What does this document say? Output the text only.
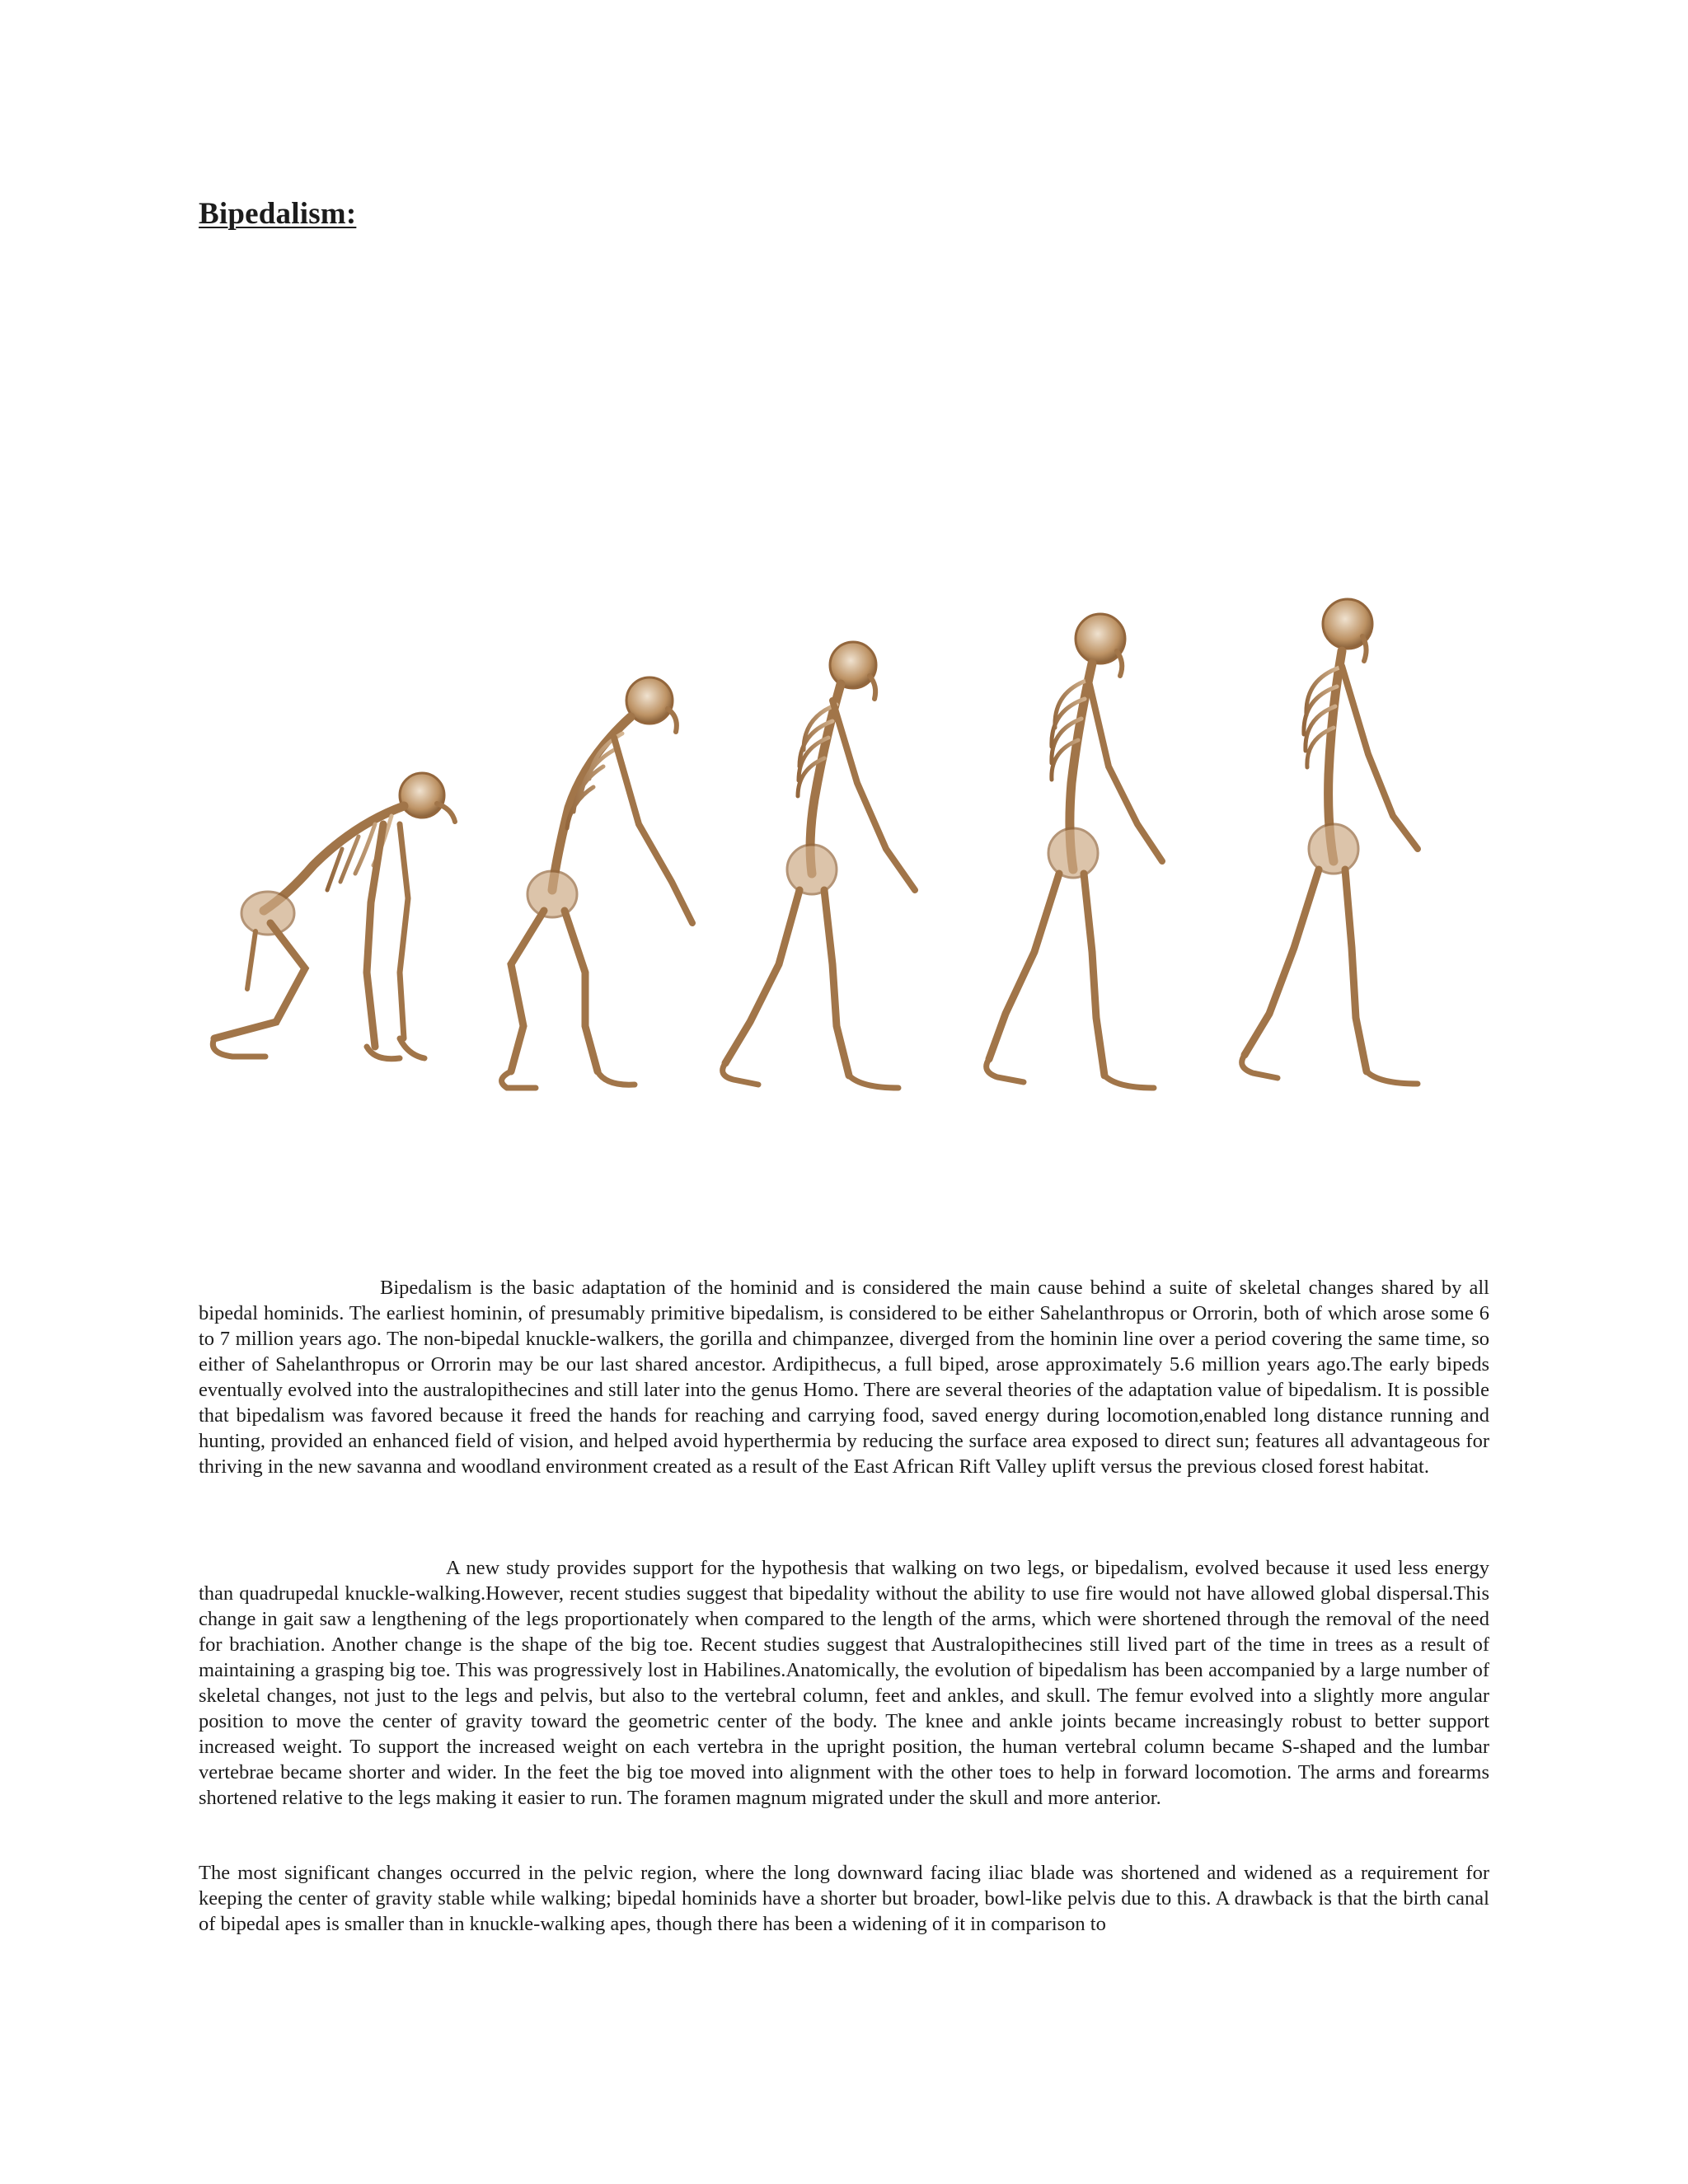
Bipedalism:

Bipedalism is the basic adaptation of the hominid and is considered the main cause behind a suite of skeletal changes shared by all bipedal hominids. The earliest hominin, of presumably primitive bipedalism, is considered to be either Sahelanthropus or Orrorin, both of which arose some 6 to 7 million years ago. The non-bipedal knuckle-walkers, the gorilla and chimpanzee, diverged from the hominin line over a period covering the same time, so either of Sahelanthropus or Orrorin may be our last shared ancestor. Ardipithecus, a full biped, arose approximately 5.6 million years ago.The early bipeds eventually evolved into the australopithecines and still later into the genus Homo. There are several theories of the adaptation value of bipedalism. It is possible that bipedalism was favored because it freed the hands for reaching and carrying food, saved energy during locomotion,enabled long distance running and hunting, provided an enhanced field of vision, and helped avoid hyperthermia by reducing the surface area exposed to direct sun; features all advantageous for thriving in the new savanna and woodland environment created as a result of the East African Rift Valley uplift versus the previous closed forest habitat.

A new study provides support for the hypothesis that walking on two legs, or bipedalism, evolved because it used less energy than quadrupedal knuckle-walking.However, recent studies suggest that bipedality without the ability to use fire would not have allowed global dispersal.This change in gait saw a lengthening of the legs proportionately when compared to the length of the arms, which were shortened through the removal of the need for brachiation. Another change is the shape of the big toe. Recent studies suggest that Australopithecines still lived part of the time in trees as a result of maintaining a grasping big toe. This was progressively lost in Habilines.Anatomically, the evolution of bipedalism has been accompanied by a large number of skeletal changes, not just to the legs and pelvis, but also to the vertebral column, feet and ankles, and skull. The femur evolved into a slightly more angular position to move the center of gravity toward the geometric center of the body. The knee and ankle joints became increasingly robust to better support increased weight. To support the increased weight on each vertebra in the upright position, the human vertebral column became S-shaped and the lumbar vertebrae became shorter and wider. In the feet the big toe moved into alignment with the other toes to help in forward locomotion. The arms and forearms shortened relative to the legs making it easier to run. The foramen magnum migrated under the skull and more anterior.

The most significant changes occurred in the pelvic region, where the long downward facing iliac blade was shortened and widened as a requirement for keeping the center of gravity stable while walking; bipedal hominids have a shorter but broader, bowl-like pelvis due to this. A drawback is that the birth canal of bipedal apes is smaller than in knuckle-walking apes, though there has been a widening of it in comparison to
